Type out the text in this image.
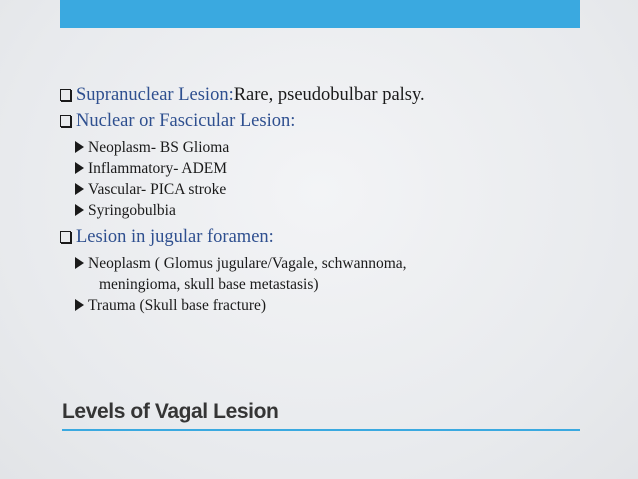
Supranuclear Lesion: Rare, pseudobulbar palsy.
Nuclear or Fascicular Lesion:
Neoplasm- BS Glioma
Inflammatory- ADEM
Vascular- PICA stroke
Syringobulbia
Lesion in jugular foramen:
Neoplasm ( Glomus jugulare/Vagale, schwannoma,
meningioma, skull base metastasis)
Trauma (Skull base fracture)
Levels of Vagal Lesion
